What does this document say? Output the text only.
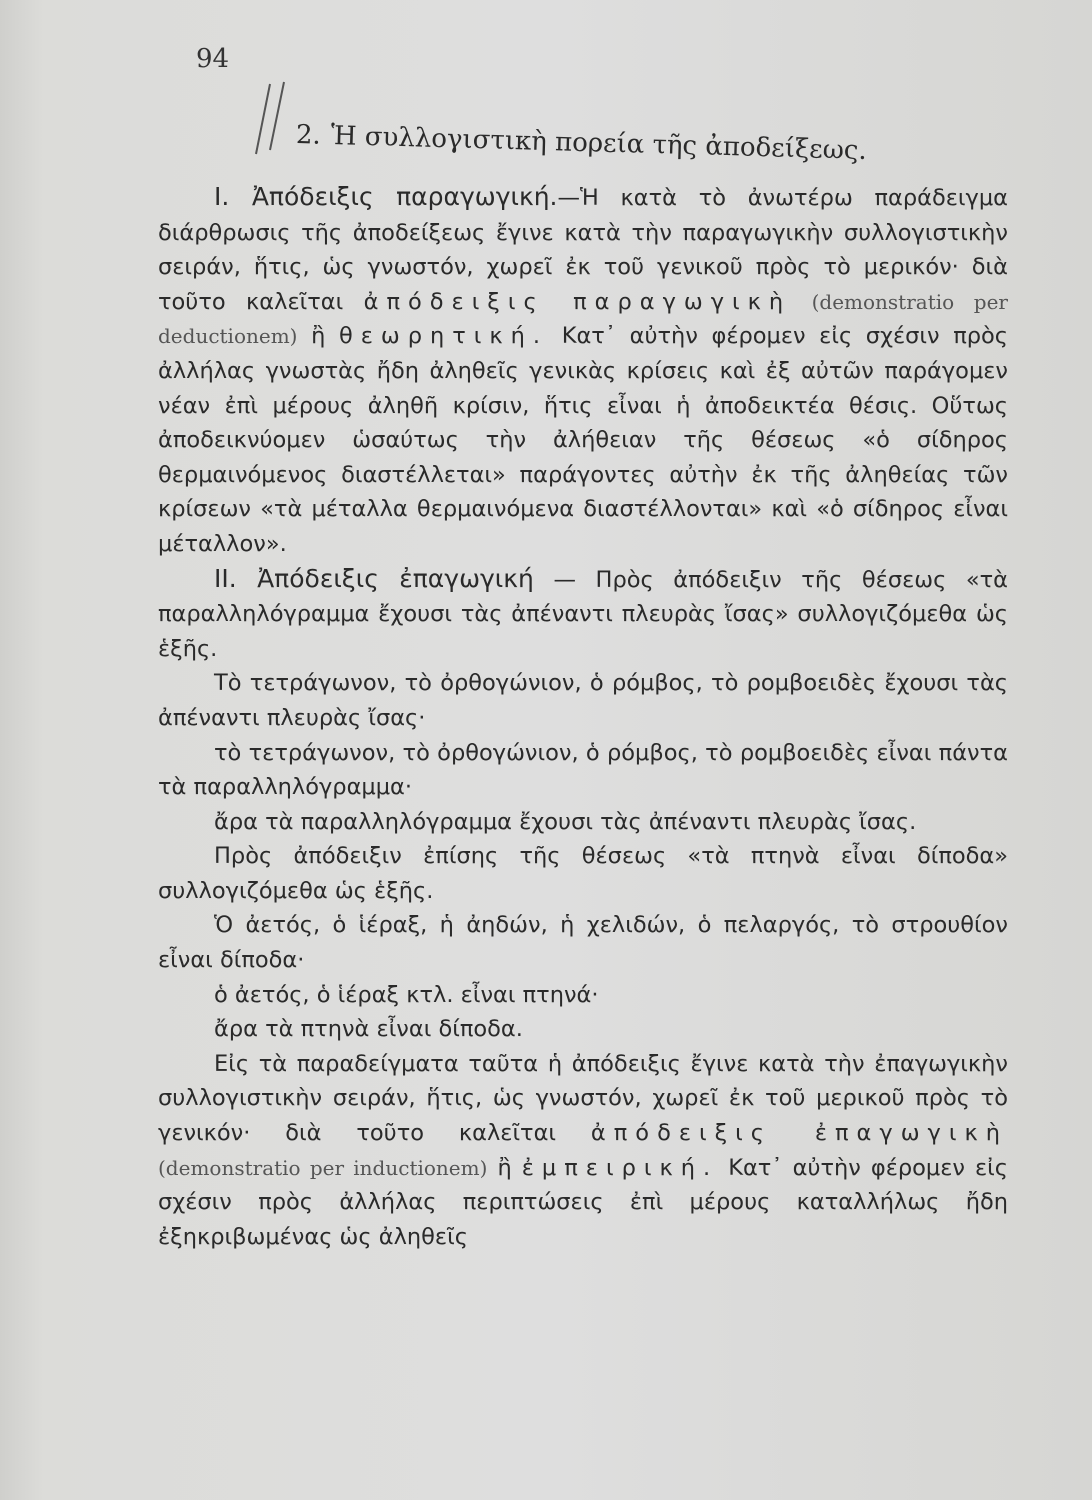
94
2. Ἡ συλλογιστικὴ πορεία τῆς ἀποδείξεως.

I. Ἀπόδειξις παραγωγική.—Ἡ κατὰ τὸ ἀνωτέρω παράδειγμα διάρθρωσις τῆς ἀποδείξεως ἔγινε κατὰ τὴν παραγωγικὴν συλλογιστικὴν σειράν, ἥτις, ὡς γνωστόν, χωρεῖ ἐκ τοῦ γενικοῦ πρὸς τὸ μερικόν· διὰ τοῦτο καλεῖται ἀπόδειξις παραγωγικὴ (demonstratio per deductionem) ἢ θεωρητική. Κατ᾿ αὐτὴν φέρομεν εἰς σχέσιν πρὸς ἀλλήλας γνωστὰς ἤδη ἀληθεῖς γενικὰς κρίσεις καὶ ἐξ αὐτῶν παράγομεν νέαν ἐπὶ μέρους ἀληθῆ κρίσιν, ἥτις εἶναι ἡ ἀποδεικτέα θέσις. Οὕτως ἀποδεικνύομεν ὡσαύτως τὴν ἀλήθειαν τῆς θέσεως «ὁ σίδηρος θερμαινόμενος διαστέλλεται» παράγοντες αὐτὴν ἐκ τῆς ἀληθείας τῶν κρίσεων «τὰ μέταλλα θερμαινόμενα διαστέλλονται» καὶ «ὁ σίδηρος εἶναι μέταλλον».

II. Ἀπόδειξις ἐπαγωγική — Πρὸς ἀπόδειξιν τῆς θέσεως «τὰ παραλληλόγραμμα ἔχουσι τὰς ἀπέναντι πλευρὰς ἴσας» συλλογιζόμεθα ὡς ἑξῆς.

Τὸ τετράγωνον, τὸ ὀρθογώνιον, ὁ ρόμβος, τὸ ρομβοειδὲς ἔχουσι τὰς ἀπέναντι πλευρὰς ἴσας·

τὸ τετράγωνον, τὸ ὀρθογώνιον, ὁ ρόμβος, τὸ ρομβοειδὲς εἶναι πάντα τὰ παραλληλόγραμμα·

ἄρα τὰ παραλληλόγραμμα ἔχουσι τὰς ἀπέναντι πλευρὰς ἴσας.

Πρὸς ἀπόδειξιν ἐπίσης τῆς θέσεως «τὰ πτηνὰ εἶναι δίποδα» συλλογιζόμεθα ὡς ἑξῆς.

Ὁ ἀετός, ὁ ἱέραξ, ἡ ἀηδών, ἡ χελιδών, ὁ πελαργός, τὸ στρουθίον εἶναι δίποδα·

ὁ ἀετός, ὁ ἱέραξ κτλ. εἶναι πτηνά·

ἄρα τὰ πτηνὰ εἶναι δίποδα.

Εἰς τὰ παραδείγματα ταῦτα ἡ ἀπόδειξις ἔγινε κατὰ τὴν ἐπαγωγικὴν συλλογιστικὴν σειράν, ἥτις, ὡς γνωστόν, χωρεῖ ἐκ τοῦ μερικοῦ πρὸς τὸ γενικόν· διὰ τοῦτο καλεῖται ἀπόδειξις ἐπαγωγικὴ (demonstratio per inductionem) ἢ ἐμπειρική. Κατ᾿ αὐτὴν φέρομεν εἰς σχέσιν πρὸς ἀλλήλας περιπτώσεις ἐπὶ μέρους καταλλήλως ἤδη ἐξηκριβωμένας ὡς ἀληθεῖς
